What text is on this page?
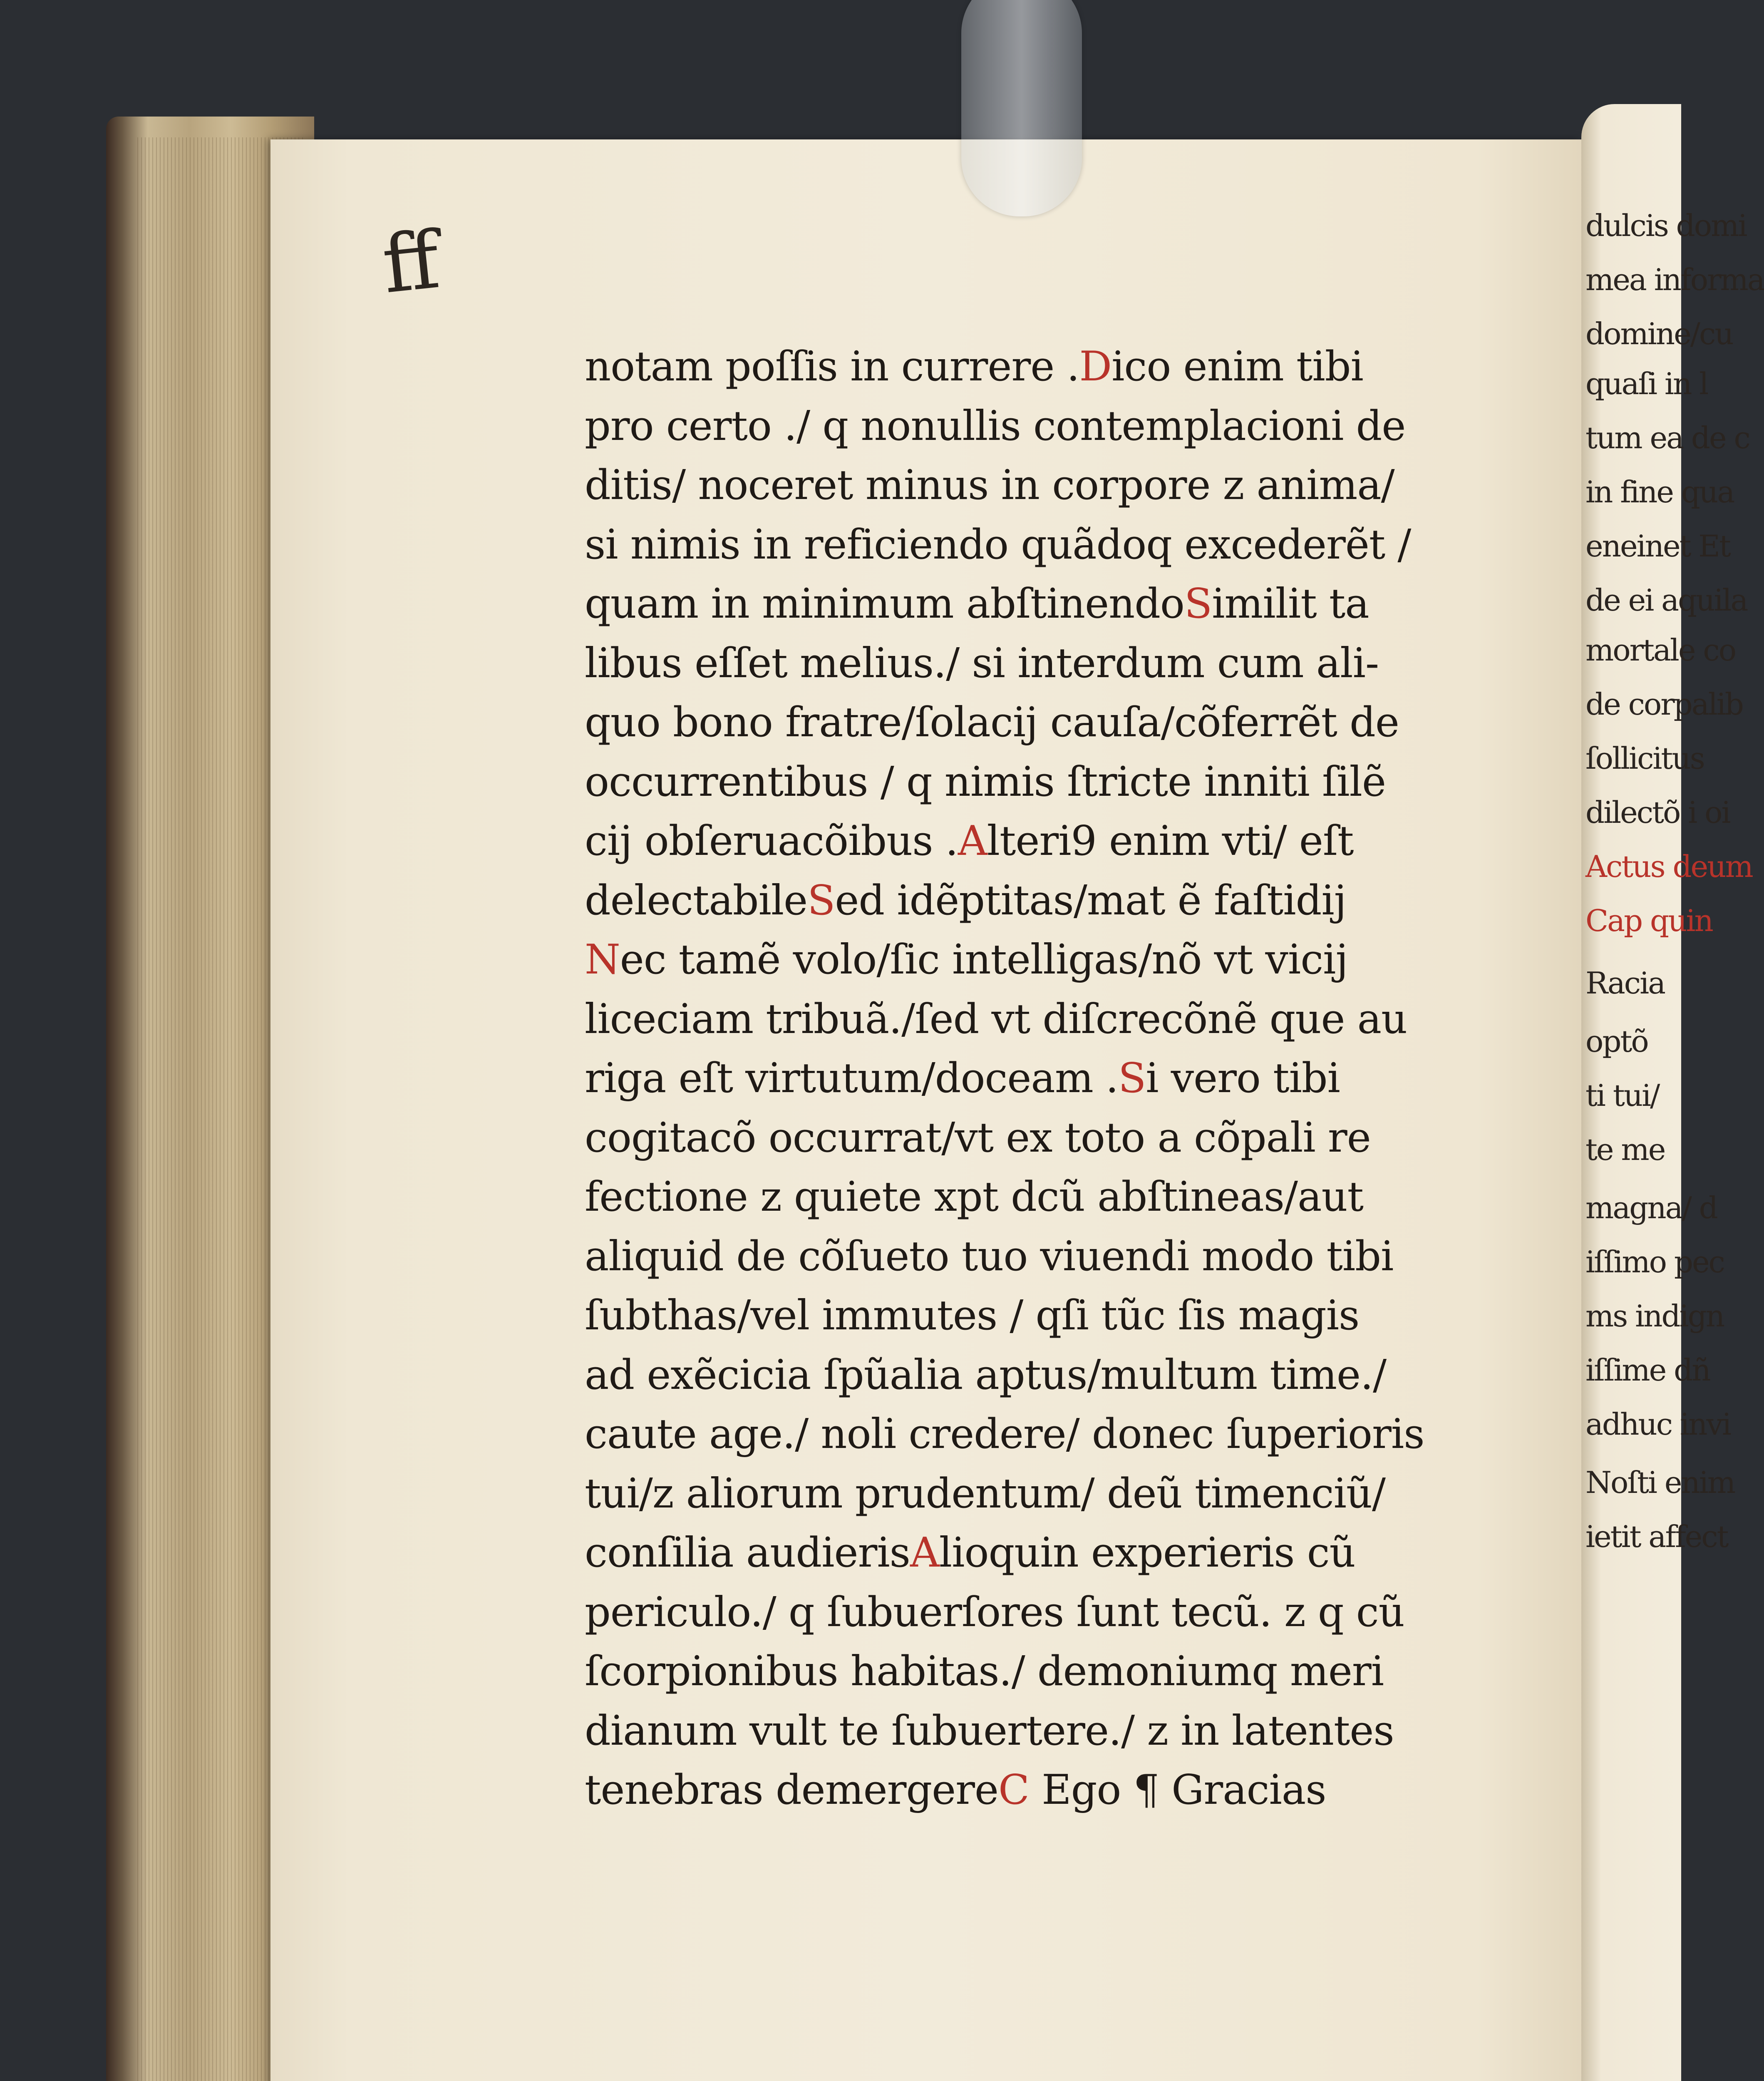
dulcis domi
mea informa
domine/cu
quaſi in l
tum ea de c
in fine qua
eneinet Et
de ei aquila
mortale co
de corpalib
ſollicitus
dilectõ i oi
Actus deum
Cap quin
Racia
optõ
ti tui/
te me
magna/ d
iſſimo pec
ms indign
iſſime dñ
adhuc invi
Noſti enim
ietit affect
ff
notam poſſis in currere .Dico enim tibi
pro certo ./ q nonullis contemplacioni de
ditis/ noceret minus in corpore z anima/
si nimis in reficiendo quãdoq excederẽt /
quam in minimum abſtinendoSimilit ta
libus eſſet melius./ si interdum cum ali-
quo bono fratre/ſolacij cauſa/cõferrẽt de
occurrentibus / q nimis ſtricte inniti ſilẽ
cij obſeruacõibus .Alteri9 enim vti/ eſt
delectabileSed idẽptitas/mat ẽ faſtidij
Nec tamẽ volo/ſic intelligas/nõ vt vicij
liceciam tribuã./ſed vt diſcrecõnẽ que au
riga eſt virtutum/doceam .Si vero tibi
cogitacõ occurrat/vt ex toto a cõpali re
fectione z quiete xpt dcũ abſtineas/aut
aliquid de cõſueto tuo viuendi modo tibi
ſubthas/vel immutes / qſi tũc ſis magis
ad exẽcicia ſpũalia aptus/multum time./
caute age./ noli credere/ donec ſuperioris
tui/z aliorum prudentum/ deũ timenciũ/
conſilia audierisAlioquin experieris cũ
periculo./ q ſubuerſores ſunt tecũ. z q cũ
ſcorpionibus habitas./ demoniumq meri
dianum vult te ſubuertere./ z in latentes
tenebras demergereC Ego ¶ Gracias
